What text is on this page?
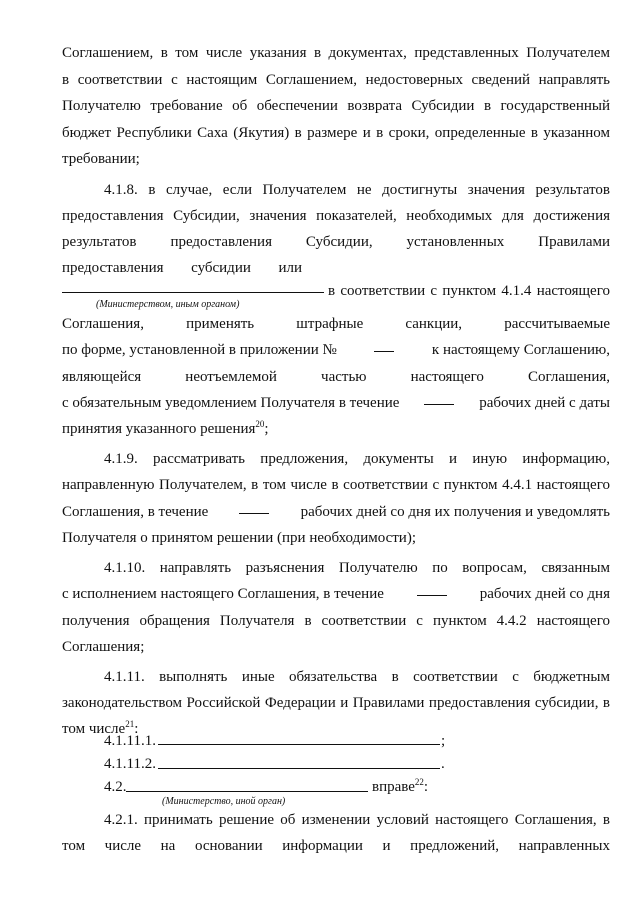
Соглашением, в том числе указания в документах, представленных Получателем

в соответствии с настоящим Соглашением, недостоверных сведений направлять

Получателю требование об обеспечении возврата Субсидии в государственный

бюджет Республики Саха (Якутия) в размере и в сроки, определенные в указанном

требовании;

4.1.8. в случае, если Получателем не достигнуты значения результатов

предоставления Субсидии, значения показателей, необходимых для достижения

результатов предоставления Субсидии, установленных Правилами

предоставления субсидии или

в соответствии с пунктом 4.1.4 настоящего

(Министерством, иным органом)

Соглашения, применять штрафные санкции, рассчитываемые

по форме, установленной в приложении №	к настоящему Соглашению,

являющейся неотъемлемой частью настоящего Соглашения,

с обязательным уведомлением Получателя в течение	рабочих дней с даты

принятия указанного решения$^{20}$;

4.1.9. рассматривать предложения, документы и иную информацию,

направленную Получателем, в том числе в соответствии с пунктом 4.4.1 настоящего

Соглашения, в течение	рабочих дней со дня их получения и уведомлять

Получателя о принятом решении (при необходимости);

4.1.10. направлять разъяснения Получателю по вопросам, связанным

с исполнением настоящего Соглашения, в течение	рабочих дней со дня

получения обращения Получателя в соответствии с пунктом 4.4.2 настоящего

Соглашения;

4.1.11. выполнять иные обязательства в соответствии с бюджетным

законодательством Российской Федерации и Правилами предоставления субсидии, в

том числе$^{21}$:

4.1.11.1.	;
4.1.11.2.	.
4.2.	вправе$^{22}$:
(Министерство, иной орган)

4.2.1. принимать решение об изменении условий настоящего Соглашения, в

том числе на основании информации и предложений, направленных
